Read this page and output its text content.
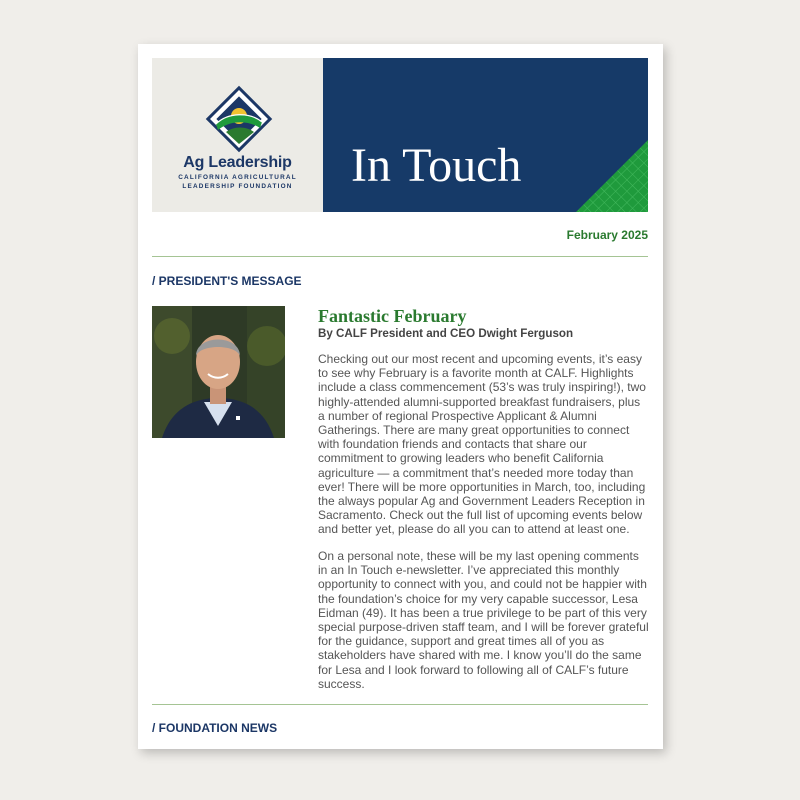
Ag Leadership
CALIFORNIA AGRICULTURAL
LEADERSHIP FOUNDATION	In Touch
February 2025
/ PRESIDENT'S MESSAGE
Fantastic February
By CALF President and CEO Dwight Ferguson

Checking out our most recent and upcoming events, it’s easy to see why February is a favorite month at CALF. Highlights include a class commencement (53’s was truly inspiring!), two highly-attended alumni-supported breakfast fundraisers, plus a number of regional Prospective Applicant & Alumni Gatherings. There are many great opportunities to connect with foundation friends and contacts that share our commitment to growing leaders who benefit California agriculture — a commitment that’s needed more today than ever! There will be more opportunities in March, too, including the always popular Ag and Government Leaders Reception in Sacramento. Check out the full list of upcoming events below and better yet, please do all you can to attend at least one.

On a personal note, these will be my last opening comments in an In Touch e-newsletter. I’ve appreciated this monthly opportunity to connect with you, and could not be happier with the foundation’s choice for my very capable successor, Lesa Eidman (49). It has been a true privilege to be part of this very special purpose-driven staff team, and I will be forever grateful for the guidance, support and great times all of you as stakeholders have shared with me. I know you’ll do the same for Lesa and I look forward to following all of CALF’s future success.

/ FOUNDATION NEWS
